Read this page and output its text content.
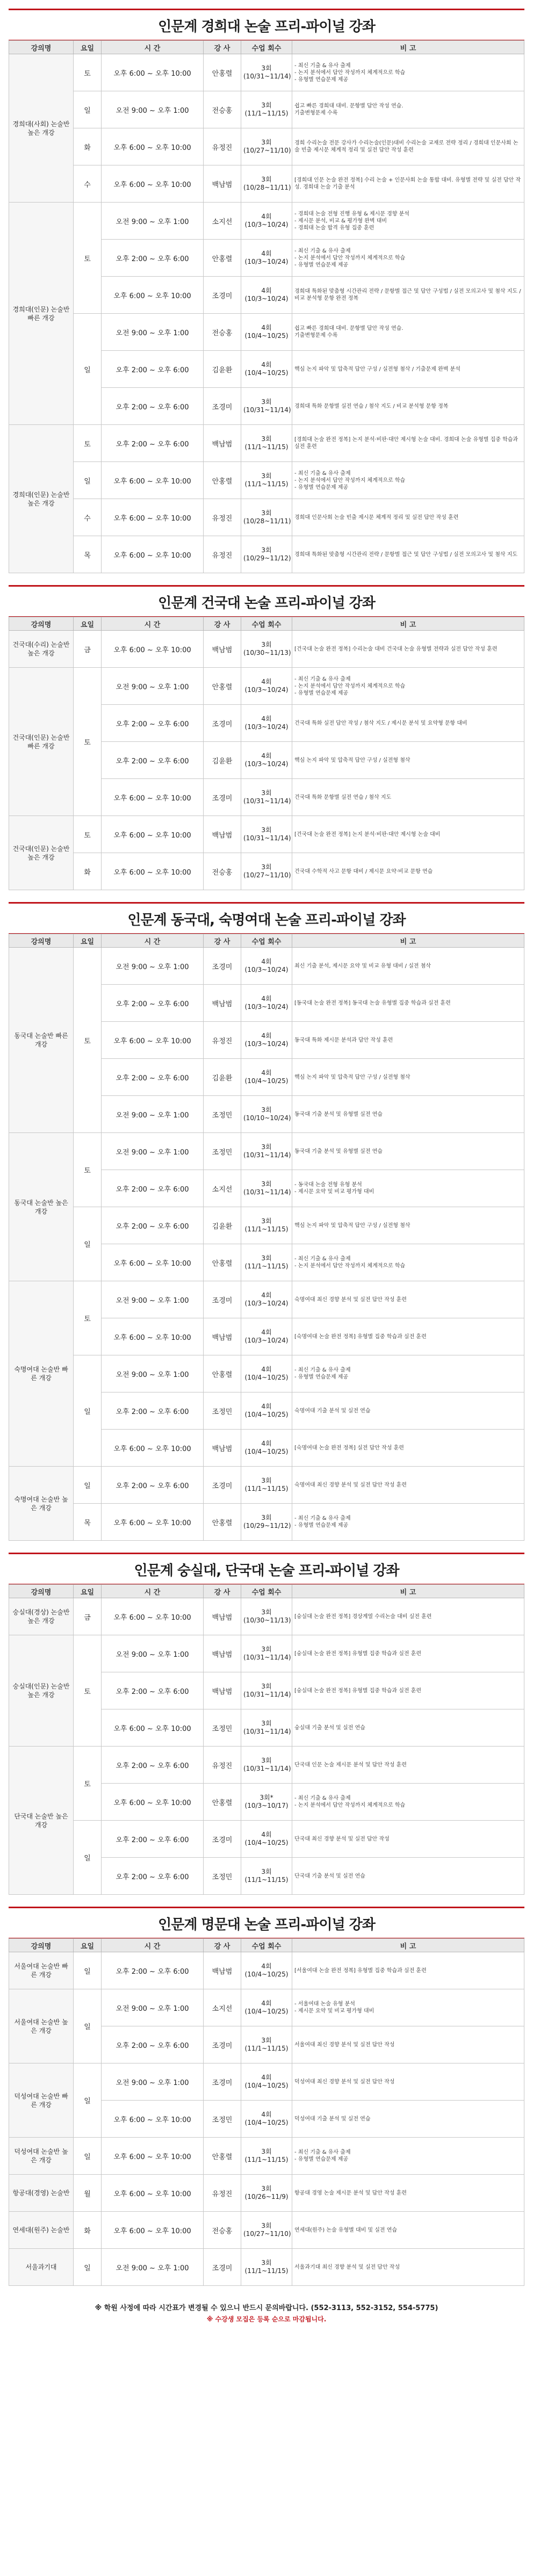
인문계 경희대 논술 프리-파이널 강좌
강의명	요일	시 간	강 사	수업 회수	비 고
경희대(사회) 논술반 높은 개강	토	오후 6:00 ~ 오후 10:00	안홍렬	3회 (10/31~11/14)	- 최신 기출 & 유사 출제
- 논지 분석에서 답안 작성까지 체계적으로 학습
- 유형별 연습문제 제공
	일	오전 9:00 ~ 오후 1:00	전승홍	3회 (11/1~11/15)	쉽고 빠른 경희대 대비. 문항별 답안 작성 연습.
기출변형문제 수록
	화	오후 6:00 ~ 오후 10:00	유정진	3회 (10/27~11/10)	경희 수리논술 전문 강사가 수리논술(인문)대비 수리논술 교재로 전략 정리 / 경희대 인문사회 논술 빈출 제시문 체계적 정리 및 실전 답안 작성 훈련
	수	오후 6:00 ~ 오후 10:00	백남범	3회 (10/28~11/11)	[경희대 인문 논술 완전 정복] 수리 논술 + 인문사회 논술 통합 대비. 유형별 전략 및 실전 답안 작성. 경희대 논술 기출 분석
경희대(인문) 논술반 빠른 개강	토	오전 9:00 ~ 오후 1:00	소지선	4회 (10/3~10/24)	- 경희대 논술 전형 진행 유형 & 제시문 경향 분석
- 제시문 분석, 비교 & 평가형 완벽 대비
- 경희대 논술 합격 유형 집중 훈련
		오후 2:00 ~ 오후 6:00	안홍렬	4회 (10/3~10/24)	- 최신 기출 & 유사 출제
- 논지 분석에서 답안 작성까지 체계적으로 학습
- 유형별 연습문제 제공
		오후 6:00 ~ 오후 10:00	조경미	4회 (10/3~10/24)	경희대 특화된 맞춤형 시간관리 전략 / 문항별 접근 및 답안 구성법 / 실전 모의고사 및 첨삭 지도 / 비교 분석형 문항 완전 정복
	일	오전 9:00 ~ 오후 1:00	전승홍	4회 (10/4~10/25)	쉽고 빠른 경희대 대비. 문항별 답안 작성 연습.
기출변형문제 수록
		오후 2:00 ~ 오후 6:00	김윤환	4회 (10/4~10/25)	핵심 논지 파악 및 압축적 답안 구성 / 실전형 첨삭 / 기출문제 완벽 분석
		오후 2:00 ~ 오후 6:00	조경미	3회 (10/31~11/14)	경희대 특화 문항별 실전 연습 / 첨삭 지도 / 비교 분석형 문항 정복
경희대(인문) 논술반 높은 개강	토	오후 2:00 ~ 오후 6:00	백남범	3회 (11/1~11/15)	[경희대 논술 완전 정복] 논지 분석·비판·대안 제시형 논술 대비. 경희대 논술 유형별 집중 학습과 실전 훈련
	일	오후 6:00 ~ 오후 10:00	안홍렬	3회 (11/1~11/15)	- 최신 기출 & 유사 출제
- 논지 분석에서 답안 작성까지 체계적으로 학습
- 유형별 연습문제 제공
	수	오후 6:00 ~ 오후 10:00	유정진	3회 (10/28~11/11)	경희대 인문사회 논술 빈출 제시문 체계적 정리 및 실전 답안 작성 훈련
	목	오후 6:00 ~ 오후 10:00	유정진	3회 (10/29~11/12)	경희대 특화된 맞춤형 시간관리 전략 / 문항별 접근 및 답안 구성법 / 실전 모의고사 및 첨삭 지도
인문계 건국대 논술 프리-파이널 강좌
강의명	요일	시 간	강 사	수업 회수	비 고
건국대(수리) 논술반 높은 개강	금	오후 6:00 ~ 오후 10:00	백남범	3회 (10/30~11/13)	[건국대 논술 완전 정복] 수리논술 대비 건국대 논술 유형별 전략과 실전 답안 작성 훈련
건국대(인문) 논술반 빠른 개강	토	오전 9:00 ~ 오후 1:00	안홍렬	4회 (10/3~10/24)	- 최신 기출 & 유사 출제
- 논지 분석에서 답안 작성까지 체계적으로 학습
- 유형별 연습문제 제공
		오후 2:00 ~ 오후 6:00	조경미	4회 (10/3~10/24)	건국대 특화 실전 답안 작성 / 첨삭 지도 / 제시문 분석 및 요약형 문항 대비
		오후 2:00 ~ 오후 6:00	김윤환	4회 (10/3~10/24)	핵심 논지 파악 및 압축적 답안 구성 / 실전형 첨삭
		오후 6:00 ~ 오후 10:00	조경미	3회 (10/31~11/14)	건국대 특화 문항별 실전 연습 / 첨삭 지도
건국대(인문) 논술반 높은 개강	토	오후 6:00 ~ 오후 10:00	백남범	3회 (10/31~11/14)	[건국대 논술 완전 정복] 논지 분석·비판·대안 제시형 논술 대비
	화	오후 6:00 ~ 오후 10:00	전승홍	3회 (10/27~11/10)	건국대 수학적 사고 문항 대비 / 제시문 요약·비교 문항 연습
인문계 동국대, 숙명여대 논술 프리-파이널 강좌
강의명	요일	시 간	강 사	수업 회수	비 고
동국대 논술반 빠른 개강	토	오전 9:00 ~ 오후 1:00	조경미	4회 (10/3~10/24)	최신 기출 분석, 제시문 요약 및 비교 유형 대비 / 실전 첨삭
		오후 2:00 ~ 오후 6:00	백남범	4회 (10/3~10/24)	[동국대 논술 완전 정복] 동국대 논술 유형별 집중 학습과 실전 훈련
		오후 6:00 ~ 오후 10:00	유정진	4회 (10/3~10/24)	동국대 특화 제시문 분석과 답안 작성 훈련
		오후 2:00 ~ 오후 6:00	김윤환	4회 (10/4~10/25)	핵심 논지 파악 및 압축적 답안 구성 / 실전형 첨삭
		오전 9:00 ~ 오후 1:00	조정민	3회 (10/10~10/24)	동국대 기출 분석 및 유형별 실전 연습
동국대 논술반 높은 개강	토	오전 9:00 ~ 오후 1:00	조정민	3회 (10/31~11/14)	동국대 기출 분석 및 유형별 실전 연습
		오후 2:00 ~ 오후 6:00	소지선	3회 (10/31~11/14)	- 동국대 논술 전형 유형 분석
- 제시문 요약 및 비교 평가형 대비
	일	오후 2:00 ~ 오후 6:00	김윤환	3회 (11/1~11/15)	핵심 논지 파악 및 압축적 답안 구성 / 실전형 첨삭
		오후 6:00 ~ 오후 10:00	안홍렬	3회 (11/1~11/15)	- 최신 기출 & 유사 출제
- 논지 분석에서 답안 작성까지 체계적으로 학습
숙명여대 논술반 빠른 개강	토	오전 9:00 ~ 오후 1:00	조경미	4회 (10/3~10/24)	숙명여대 최신 경향 분석 및 실전 답안 작성 훈련
		오후 6:00 ~ 오후 10:00	백남범	4회 (10/3~10/24)	[숙명여대 논술 완전 정복] 유형별 집중 학습과 실전 훈련
	일	오전 9:00 ~ 오후 1:00	안홍렬	4회 (10/4~10/25)	- 최신 기출 & 유사 출제
- 유형별 연습문제 제공
		오후 2:00 ~ 오후 6:00	조정민	4회 (10/4~10/25)	숙명여대 기출 분석 및 실전 연습
		오후 6:00 ~ 오후 10:00	백남범	4회 (10/4~10/25)	[숙명여대 논술 완전 정복] 실전 답안 작성 훈련
숙명여대 논술반 높은 개강	일	오후 2:00 ~ 오후 6:00	조경미	3회 (11/1~11/15)	숙명여대 최신 경향 분석 및 실전 답안 작성 훈련
	목	오후 6:00 ~ 오후 10:00	안홍렬	3회 (10/29~11/12)	- 최신 기출 & 유사 출제
- 유형별 연습문제 제공
인문계 숭실대, 단국대 논술 프리-파이널 강좌
강의명	요일	시 간	강 사	수업 회수	비 고
숭실대(경상) 논술반 높은 개강	금	오후 6:00 ~ 오후 10:00	백남범	3회 (10/30~11/13)	[숭실대 논술 완전 정복] 경상계열 수리논술 대비 실전 훈련
숭실대(인문) 논술반 높은 개강	토	오전 9:00 ~ 오후 1:00	백남범	3회 (10/31~11/14)	[숭실대 논술 완전 정복] 유형별 집중 학습과 실전 훈련
		오후 2:00 ~ 오후 6:00	백남범	3회 (10/31~11/14)	[숭실대 논술 완전 정복] 유형별 집중 학습과 실전 훈련
		오후 6:00 ~ 오후 10:00	조정민	3회 (10/31~11/14)	숭실대 기출 분석 및 실전 연습
단국대 논술반 높은 개강	토	오후 2:00 ~ 오후 6:00	유정진	3회 (10/31~11/14)	단국대 인문 논술 제시문 분석 및 답안 작성 훈련
		오후 6:00 ~ 오후 10:00	안홍렬	3회* (10/3~10/17)	- 최신 기출 & 유사 출제
- 논지 분석에서 답안 작성까지 체계적으로 학습
	일	오후 2:00 ~ 오후 6:00	조경미	4회 (10/4~10/25)	단국대 최신 경향 분석 및 실전 답안 작성
		오후 2:00 ~ 오후 6:00	조정민	3회 (11/1~11/15)	단국대 기출 분석 및 실전 연습
인문계 명문대 논술 프리-파이널 강좌
강의명	요일	시 간	강 사	수업 회수	비 고
서울여대 논술반 빠른 개강	일	오후 2:00 ~ 오후 6:00	백남범	4회 (10/4~10/25)	[서울여대 논술 완전 정복] 유형별 집중 학습과 실전 훈련
서울여대 논술반 높은 개강	일	오전 9:00 ~ 오후 1:00	소지선	4회 (10/4~10/25)	- 서울여대 논술 유형 분석
- 제시문 요약 및 비교 평가형 대비
		오후 2:00 ~ 오후 6:00	조경미	3회 (11/1~11/15)	서울여대 최신 경향 분석 및 실전 답안 작성
덕성여대 논술반 빠른 개강	일	오전 9:00 ~ 오후 1:00	조경미	4회 (10/4~10/25)	덕성여대 최신 경향 분석 및 실전 답안 작성
		오후 6:00 ~ 오후 10:00	조정민	4회 (10/4~10/25)	덕성여대 기출 분석 및 실전 연습
덕성여대 논술반 높은 개강	일	오후 6:00 ~ 오후 10:00	안홍렬	3회 (11/1~11/15)	- 최신 기출 & 유사 출제
- 유형별 연습문제 제공
항공대(경영) 논술반	월	오후 6:00 ~ 오후 10:00	유정진	3회 (10/26~11/9)	항공대 경영 논술 제시문 분석 및 답안 작성 훈련
연세대(원주) 논술반	화	오후 6:00 ~ 오후 10:00	전승홍	3회 (10/27~11/10)	연세대(원주) 논술 유형별 대비 및 실전 연습
서울과기대	일	오전 9:00 ~ 오후 1:00	조경미	3회 (11/1~11/15)	서울과기대 최신 경향 분석 및 실전 답안 작성
※ 학원 사정에 따라 시간표가 변경될 수 있으니 반드시 문의바랍니다. (552-3113, 552-3152, 554-5775)
※ 수강생 모집은 등록 순으로 마감됩니다.
